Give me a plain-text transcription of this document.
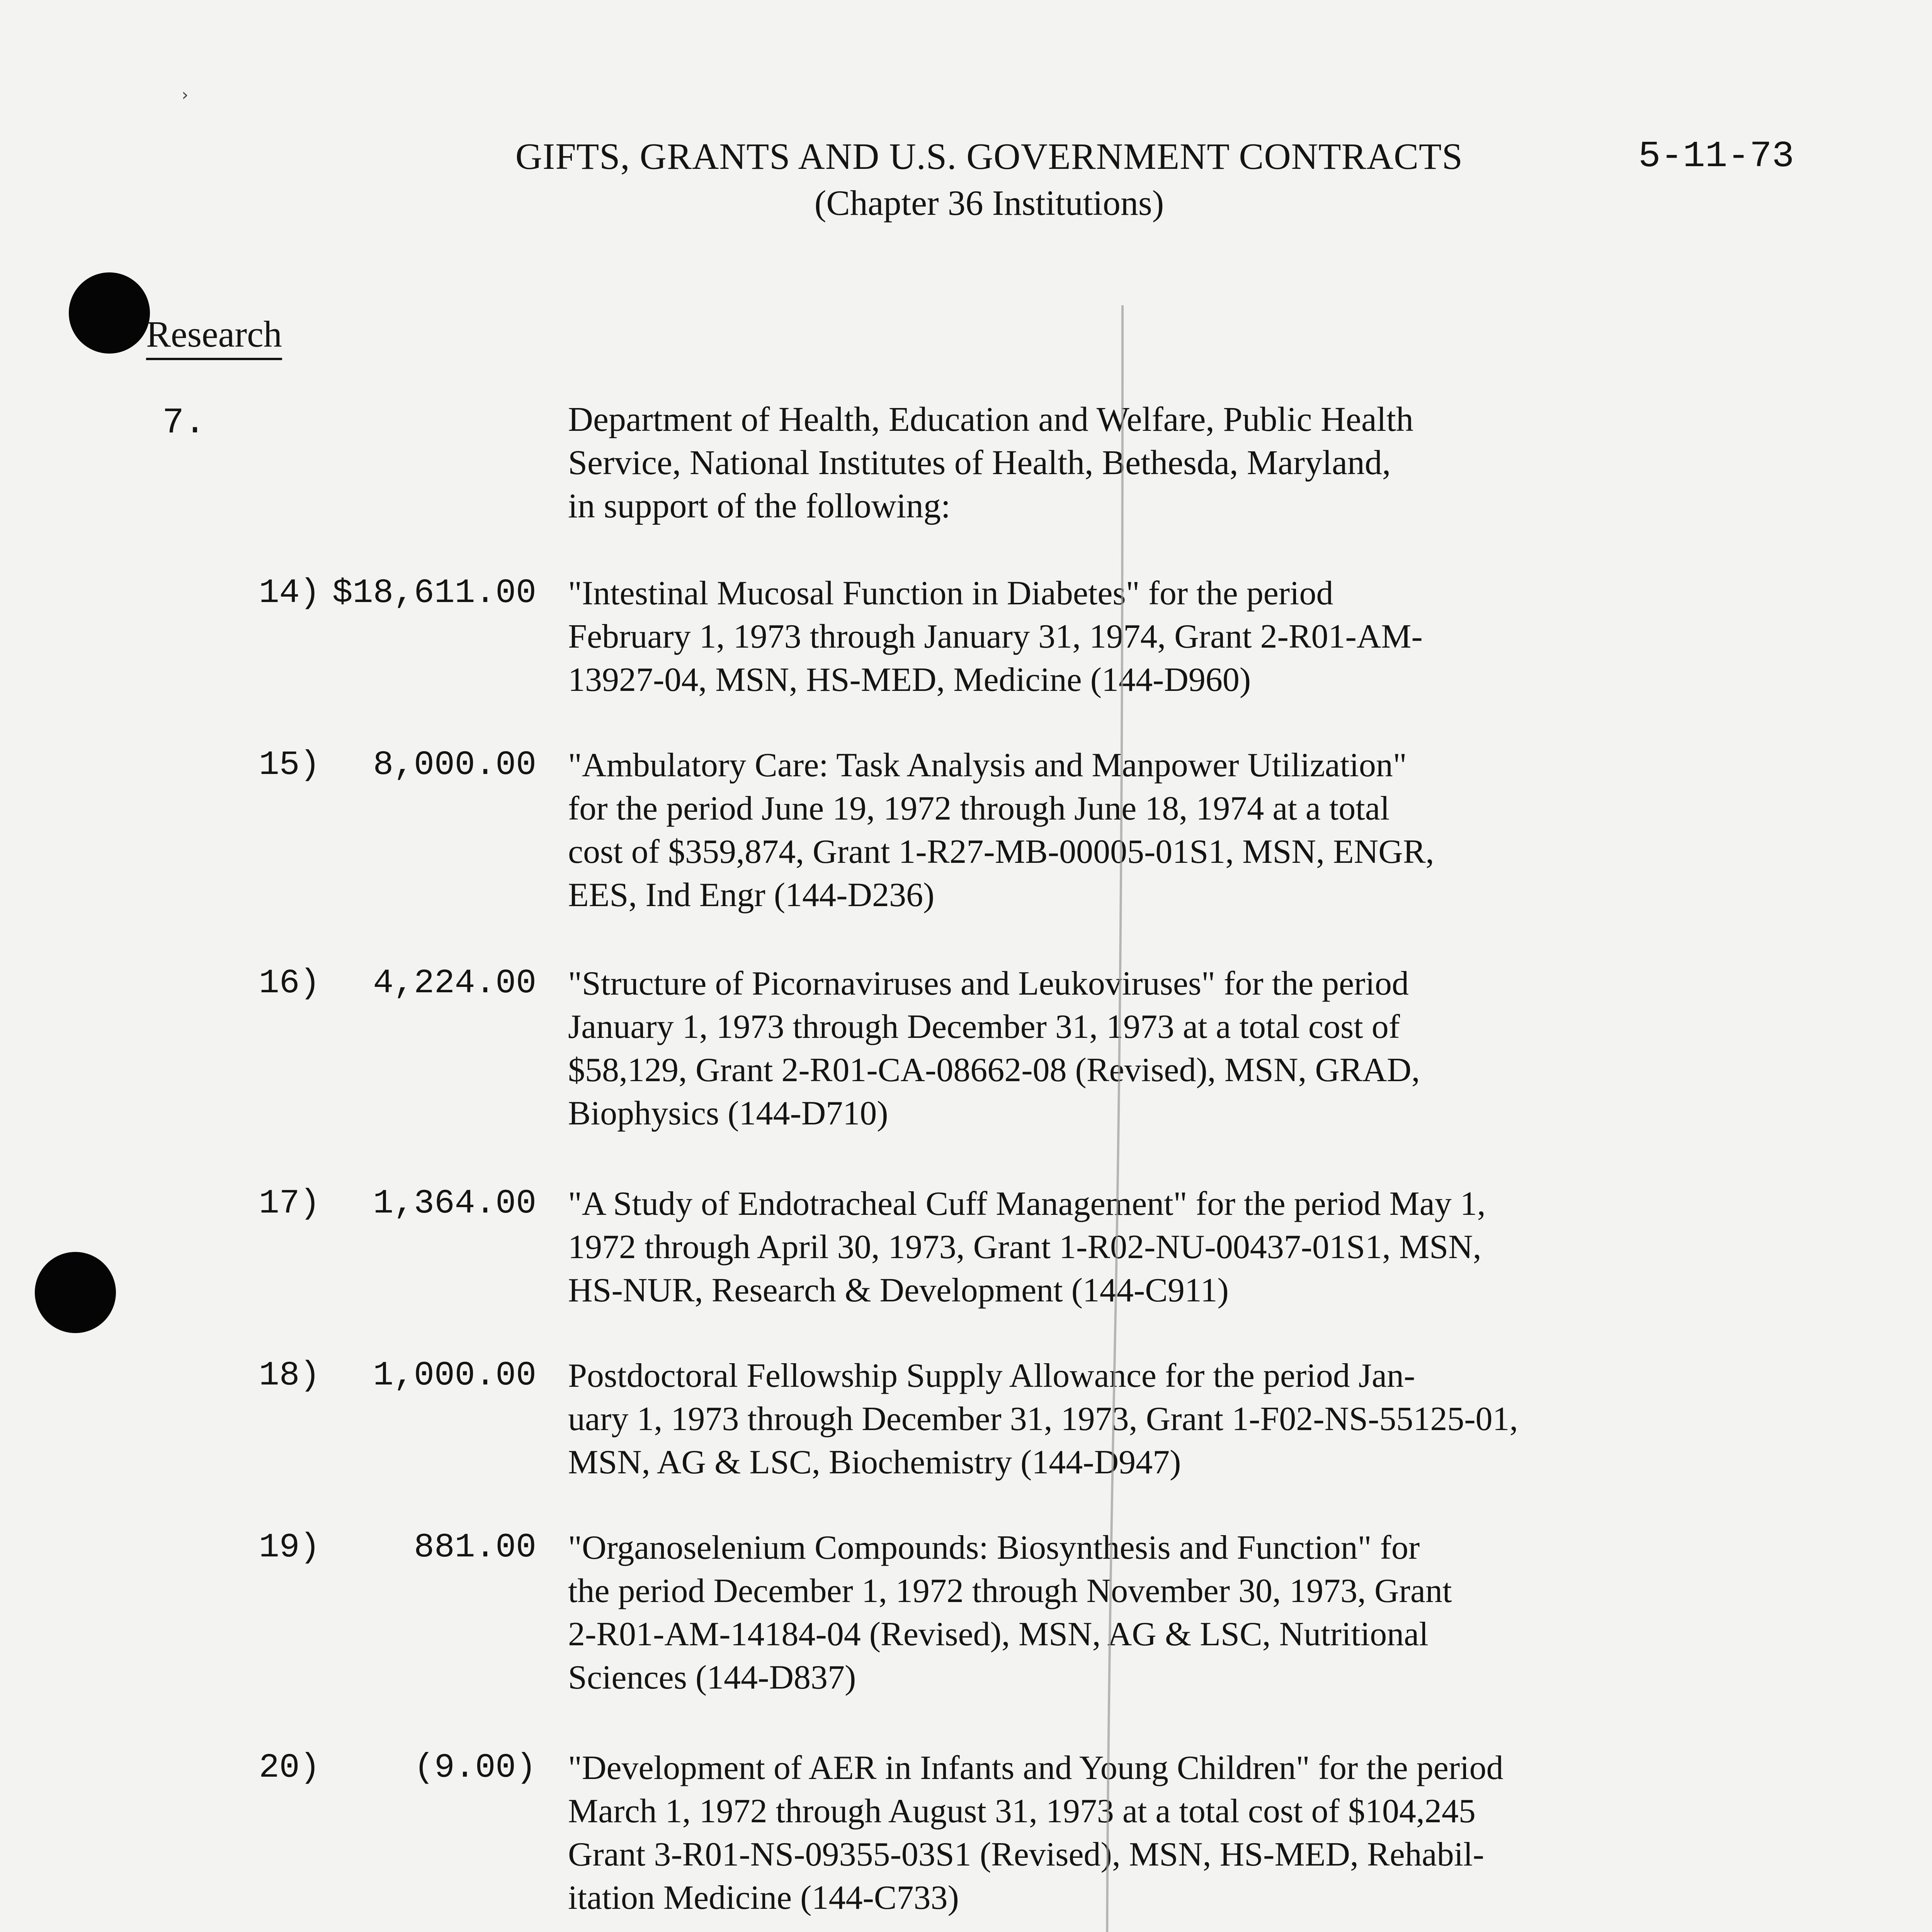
›
GIFTS, GRANTS AND U.S. GOVERNMENT CONTRACTS
(Chapter 36 Institutions)
5-11-73
Research
7.	Department of Health, Education and Welfare, Public Health
Service, National Institutes of Health, Bethesda, Maryland,
in support of the following:
14) $18,611.00 "Intestinal Mucosal Function in Diabetes" for the period
February 1, 1973 through January 31, 1974, Grant 2-R01-AM-
13927-04, MSN, HS-MED, Medicine (144-D960)
15) 8,000.00 "Ambulatory Care: Task Analysis and Manpower Utilization"
for the period June 19, 1972 through June 18, 1974 at a total
cost of $359,874, Grant 1-R27-MB-00005-01S1, MSN, ENGR,
EES, Ind Engr (144-D236)
16) 4,224.00 "Structure of Picornaviruses and Leukoviruses" for the period
January 1, 1973 through December 31, 1973 at a total cost of
$58,129, Grant 2-R01-CA-08662-08 (Revised), MSN, GRAD,
Biophysics (144-D710)
17) 1,364.00 "A Study of Endotracheal Cuff Management" for the period May 1,
1972 through April 30, 1973, Grant 1-R02-NU-00437-01S1, MSN,
HS-NUR, Research & Development (144-C911)
18) 1,000.00 Postdoctoral Fellowship Supply Allowance for the period Jan-
uary 1, 1973 through December 31, 1973, Grant 1-F02-NS-55125-01,
MSN, AG & LSC, Biochemistry (144-D947)
19)	881.00 "Organoselenium Compounds: Biosynthesis and Function" for
the period December 1, 1972 through November 30, 1973, Grant
2-R01-AM-14184-04 (Revised), MSN, AG & LSC, Nutritional
Sciences (144-D837)
20)	(9.00) "Development of AER in Infants and Young Children" for the period
March 1, 1972 through August 31, 1973 at a total cost of $104,245
Grant 3-R01-NS-09355-03S1 (Revised), MSN, HS-MED, Rehabil-
itation Medicine (144-C733)
